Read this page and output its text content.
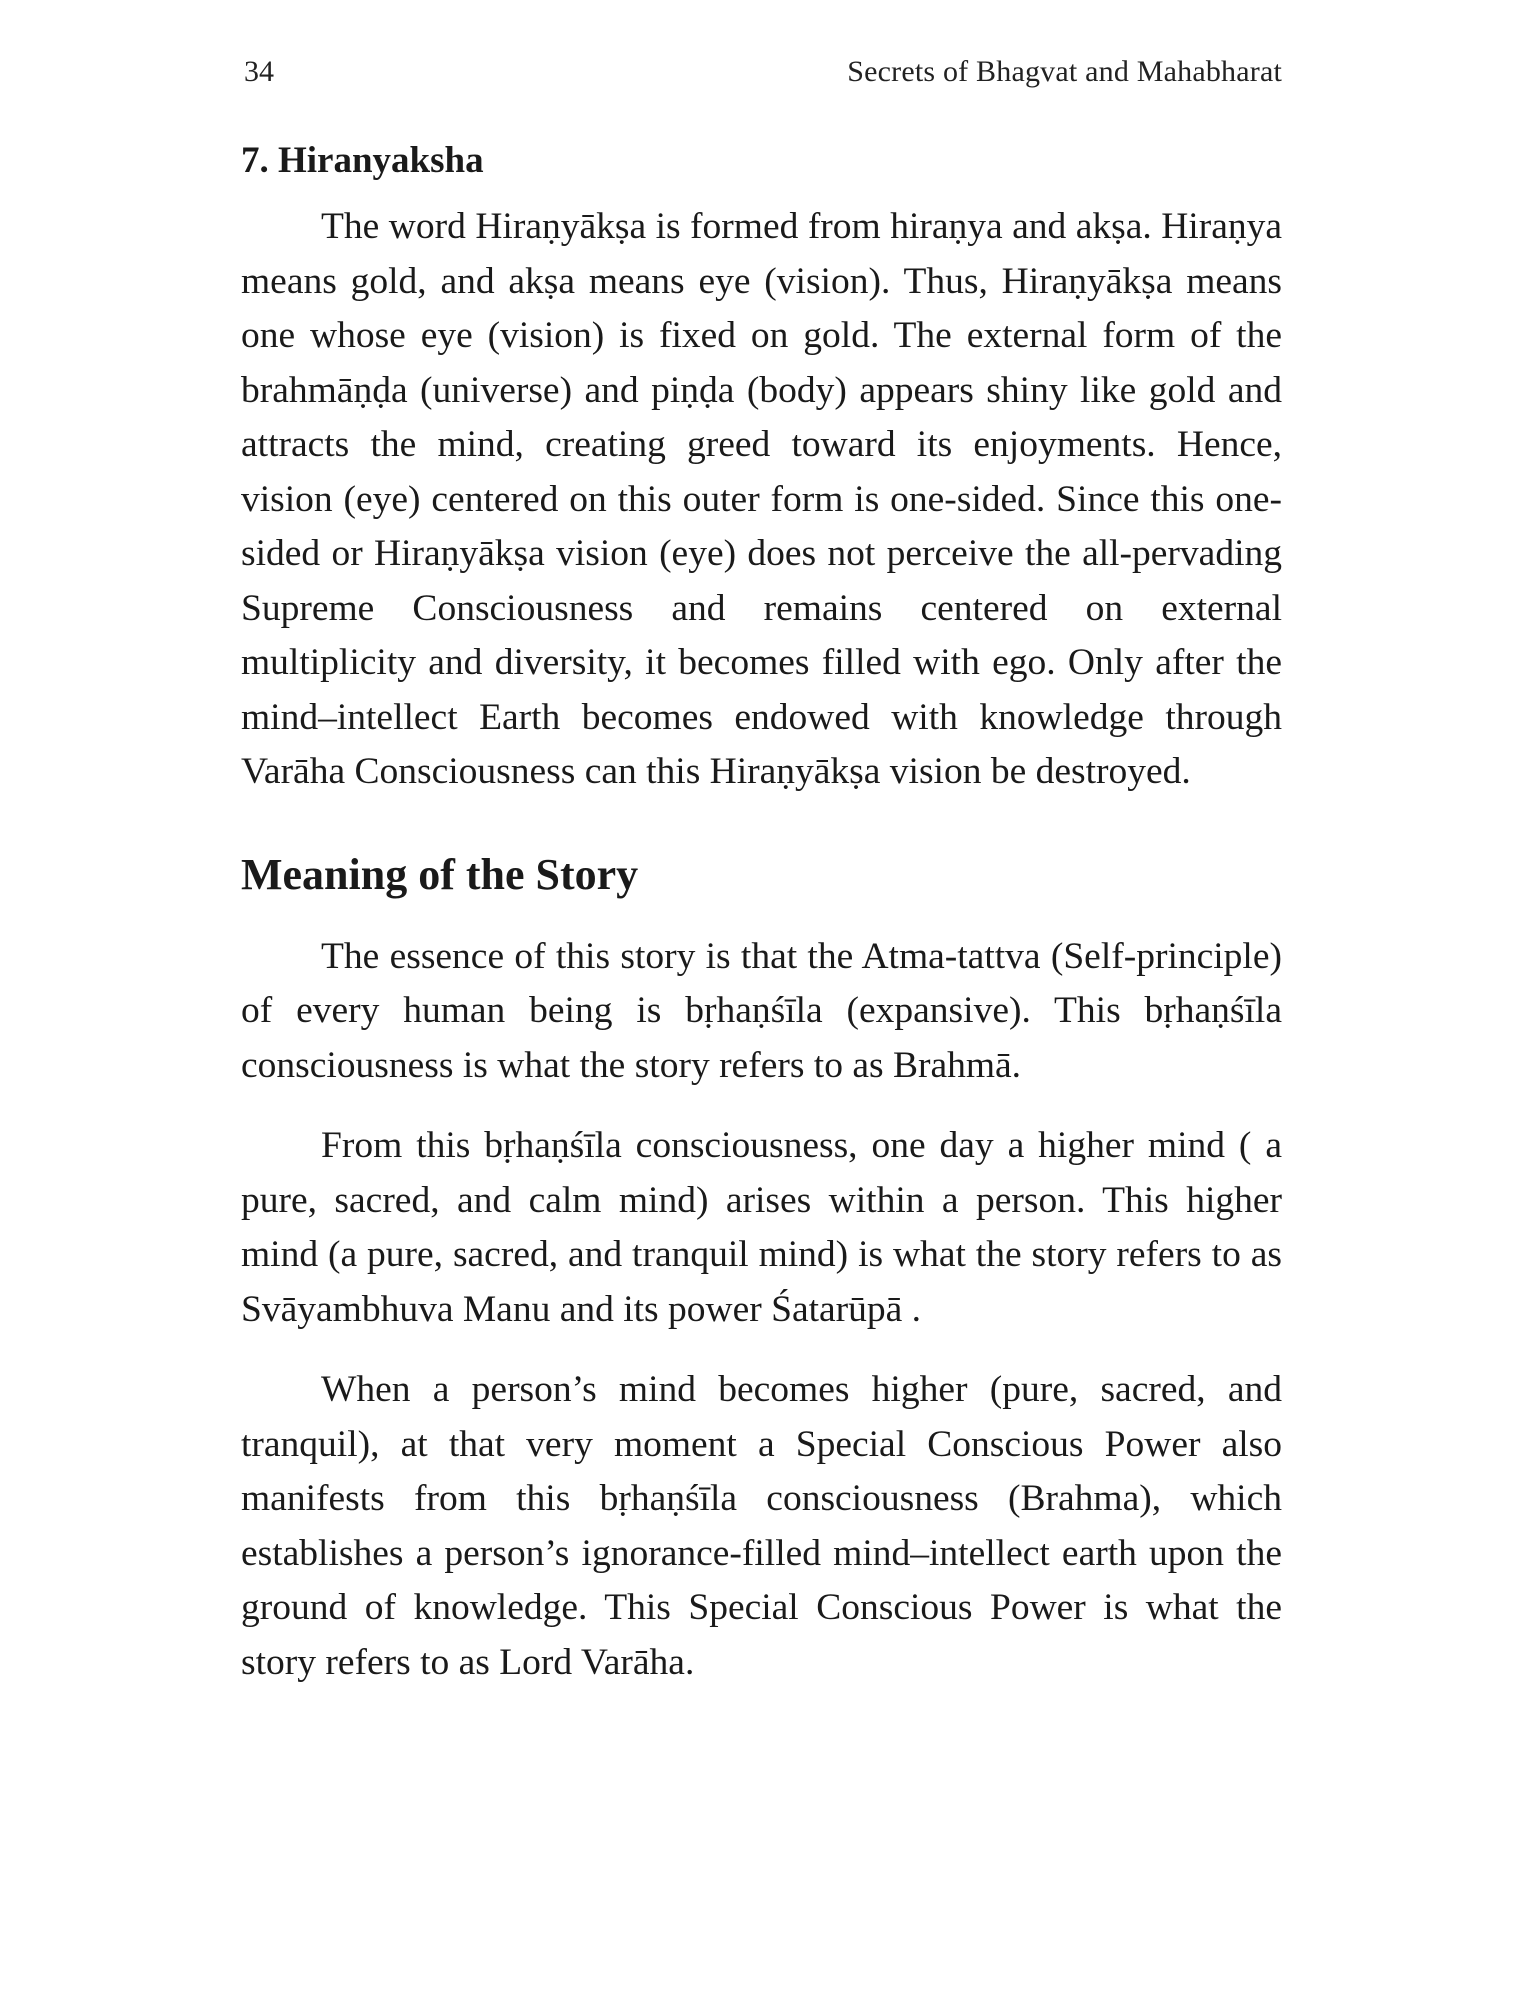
34	Secrets of Bhagvat and Mahabharat
7. Hiranyaksha

The word Hiraṇyākṣa is formed from hiraṇya and akṣa. Hiraṇya means gold, and akṣa means eye (vision). Thus, Hiraṇyākṣa means one whose eye (vision) is fixed on gold. The external form of the brahmāṇḍa (universe) and piṇḍa (body) appears shiny like gold and attracts the mind, creating greed toward its enjoyments. Hence, vision (eye) centered on this outer form is one-sided. Since this one-sided or Hiraṇyākṣa vision (eye) does not perceive the all-pervading Supreme Consciousness and remains centered on external multiplicity and diversity, it becomes filled with ego. Only after the mind–intellect Earth becomes endowed with knowledge through Varāha Consciousness can this Hiraṇyākṣa vision be destroyed.

Meaning of the Story

The essence of this story is that the Atma-tattva (Self-principle) of every human being is bṛhaṇśīla (expansive). This bṛhaṇśīla consciousness is what the story refers to as Brahmā.

From this bṛhaṇśīla consciousness, one day a higher mind ( a pure, sacred, and calm mind) arises within a person. This higher mind (a pure, sacred, and tranquil mind) is what the story refers to as Svāyambhuva Manu and its power Śatarūpā .

When a person’s mind becomes higher (pure, sacred, and tranquil), at that very moment a Special Conscious Power also manifests from this bṛhaṇśīla consciousness (Brahma), which establishes a person’s ignorance-filled mind–intellect earth upon the ground of knowledge. This Special Conscious Power is what the story refers to as Lord Varāha.
